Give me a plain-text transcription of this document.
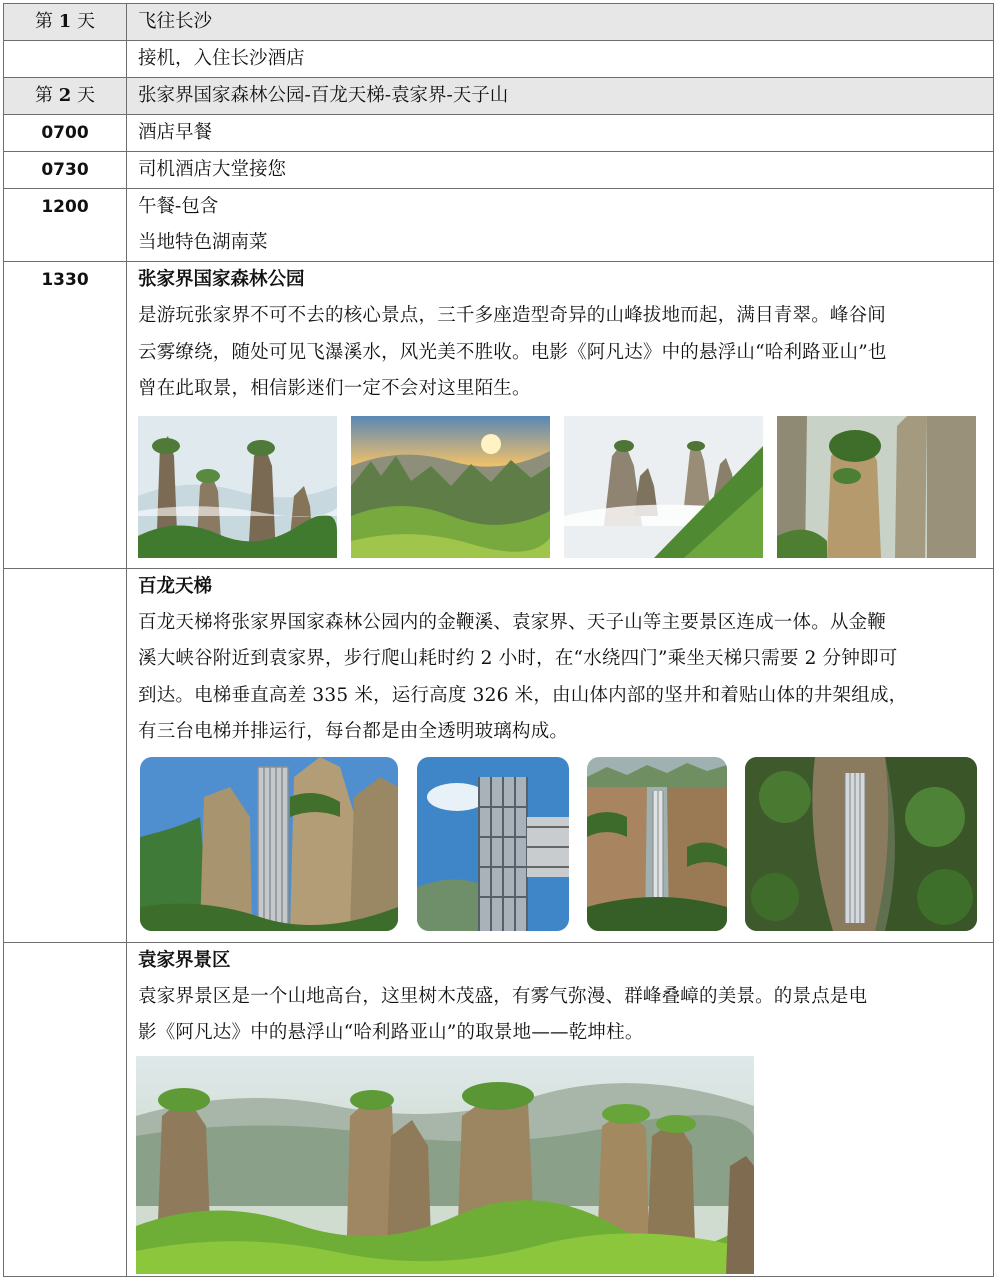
第 1 天	飞往长沙

	接机，入住长沙酒店

第 2 天	张家界国家森林公园-百龙天梯-袁家界-天子山

0700	酒店早餐

0730	司机酒店大堂接您

1200	午餐-包含
当地特色湖南菜

1330	张家界国家森林公园
是游玩张家界不可不去的核心景点，三千多座造型奇异的山峰拔地而起，满目青翠。峰谷间
云雾缭绕，随处可见飞瀑溪水，风光美不胜收。电影《阿凡达》中的悬浮山“哈利路亚山”也
曾在此取景，相信影迷们一定不会对这里陌生。

	百龙天梯
百龙天梯将张家界国家森林公园内的金鞭溪、袁家界、天子山等主要景区连成一体。从金鞭
溪大峡谷附近到袁家界，步行爬山耗时约 2 小时，在“水绕四门”乘坐天梯只需要 2 分钟即可
到达。电梯垂直高差 335 米，运行高度 326 米，由山体内部的坚井和着贴山体的井架组成，
有三台电梯并排运行，每台都是由全透明玻璃构成。

	袁家界景区
袁家界景区是一个山地高台，这里树木茂盛，有雾气弥漫、群峰叠嶂的美景。的景点是电
影《阿凡达》中的悬浮山“哈利路亚山”的取景地——乾坤柱。
